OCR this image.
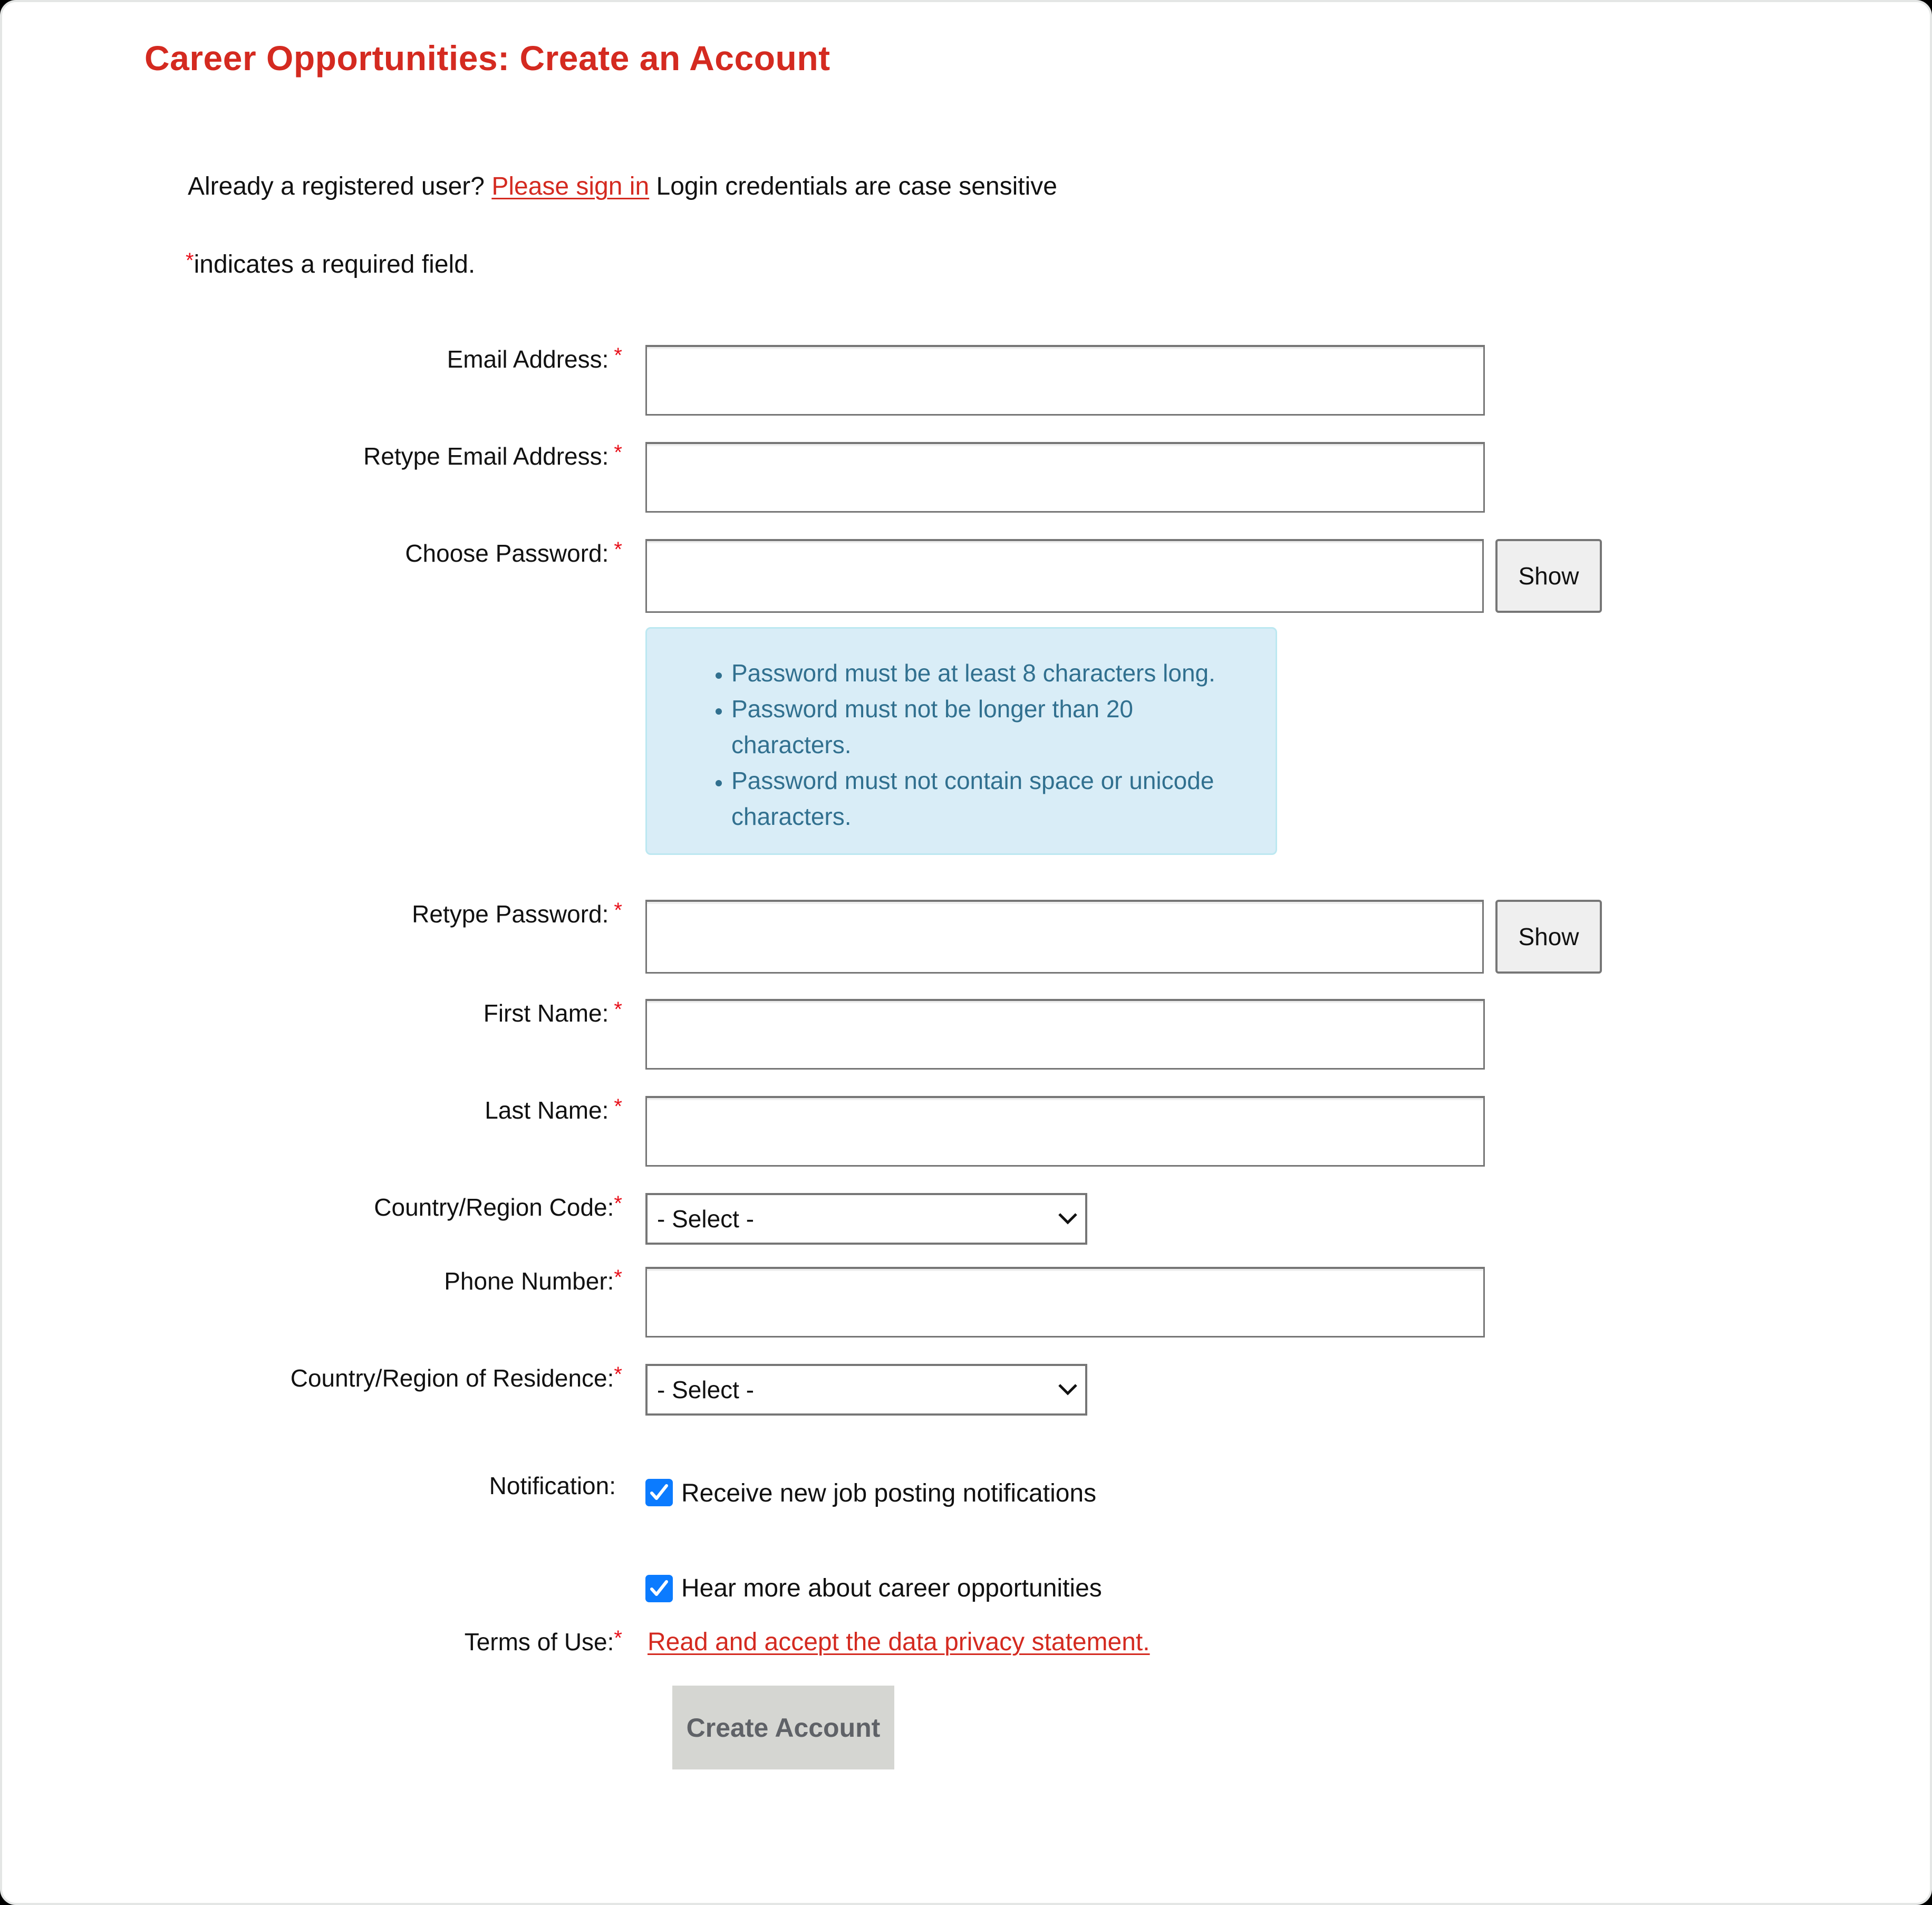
Career Opportunities: Create an Account
Already a registered user? Please sign in Login credentials are case sensitive
*indicates a required field.
Email Address: *
Retype Email Address: *
Choose Password: *
Show
• Password must be at least 8 characters long.
• Password must not be longer than 20 characters.
• Password must not contain space or unicode characters.
Retype Password: *
Show
First Name: *
Last Name: *
Country/Region Code:*
- Select -
Phone Number:*
Country/Region of Residence:*
- Select -
Notification:	Receive new job posting notifications
Hear more about career opportunities
Terms of Use:* Read and accept the data privacy statement.
Create Account
